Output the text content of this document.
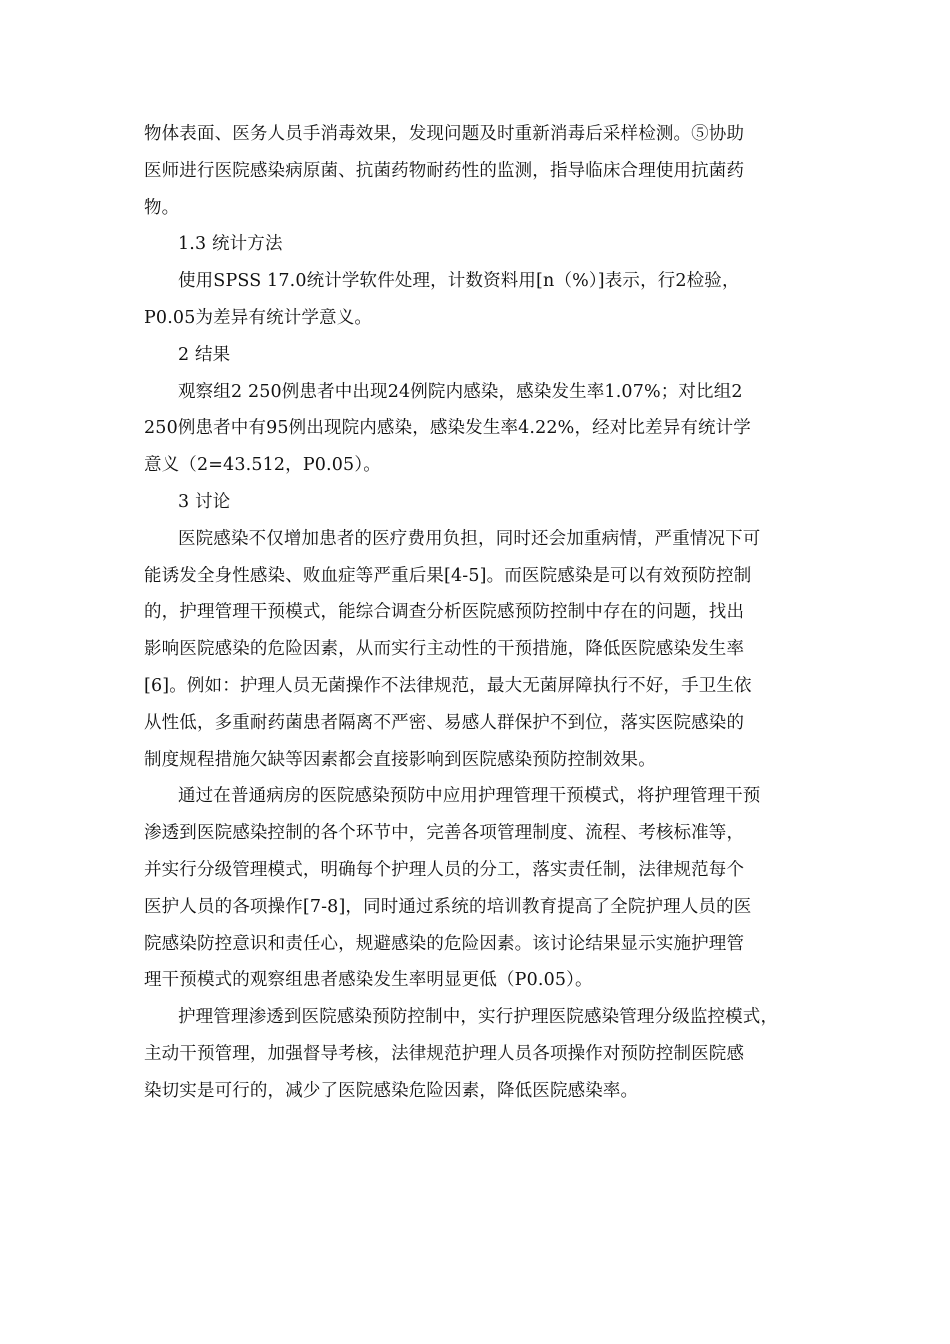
物体表面、医务人员手消毒效果，发现问题及时重新消毒后采样检测。⑤协助
医师进行医院感染病原菌、抗菌药物耐药性的监测，指导临床合理使用抗菌药
物。
1.3 统计方法
使用SPSS 17.0统计学软件处理，计数资料用[n（%）]表示，行2检验，
P0.05为差异有统计学意义。
2 结果
观察组2 250例患者中出现24例院内感染，感染发生率1.07%；对比组2
250例患者中有95例出现院内感染，感染发生率4.22%，经对比差异有统计学
意义（2=43.512，P0.05）。
3 讨论
医院感染不仅增加患者的医疗费用负担，同时还会加重病情，严重情况下可
能诱发全身性感染、败血症等严重后果[4-5]。而医院感染是可以有效预防控制
的，护理管理干预模式，能综合调查分析医院感预防控制中存在的问题，找出
影响医院感染的危险因素，从而实行主动性的干预措施，降低医院感染发生率
[6]。例如：护理人员无菌操作不法律规范，最大无菌屏障执行不好，手卫生依
从性低，多重耐药菌患者隔离不严密、易感人群保护不到位，落实医院感染的
制度规程措施欠缺等因素都会直接影响到医院感染预防控制效果。
通过在普通病房的医院感染预防中应用护理管理干预模式，将护理管理干预
渗透到医院感染控制的各个环节中，完善各项管理制度、流程、考核标准等，
并实行分级管理模式，明确每个护理人员的分工，落实责任制，法律规范每个
医护人员的各项操作[7-8]，同时通过系统的培训教育提高了全院护理人员的医
院感染防控意识和责任心，规避感染的危险因素。该讨论结果显示实施护理管
理干预模式的观察组患者感染发生率明显更低（P0.05）。
护理管理渗透到医院感染预防控制中，实行护理医院感染管理分级监控模式，
主动干预管理，加强督导考核，法律规范护理人员各项操作对预防控制医院感
染切实是可行的，减少了医院感染危险因素，降低医院感染率。
